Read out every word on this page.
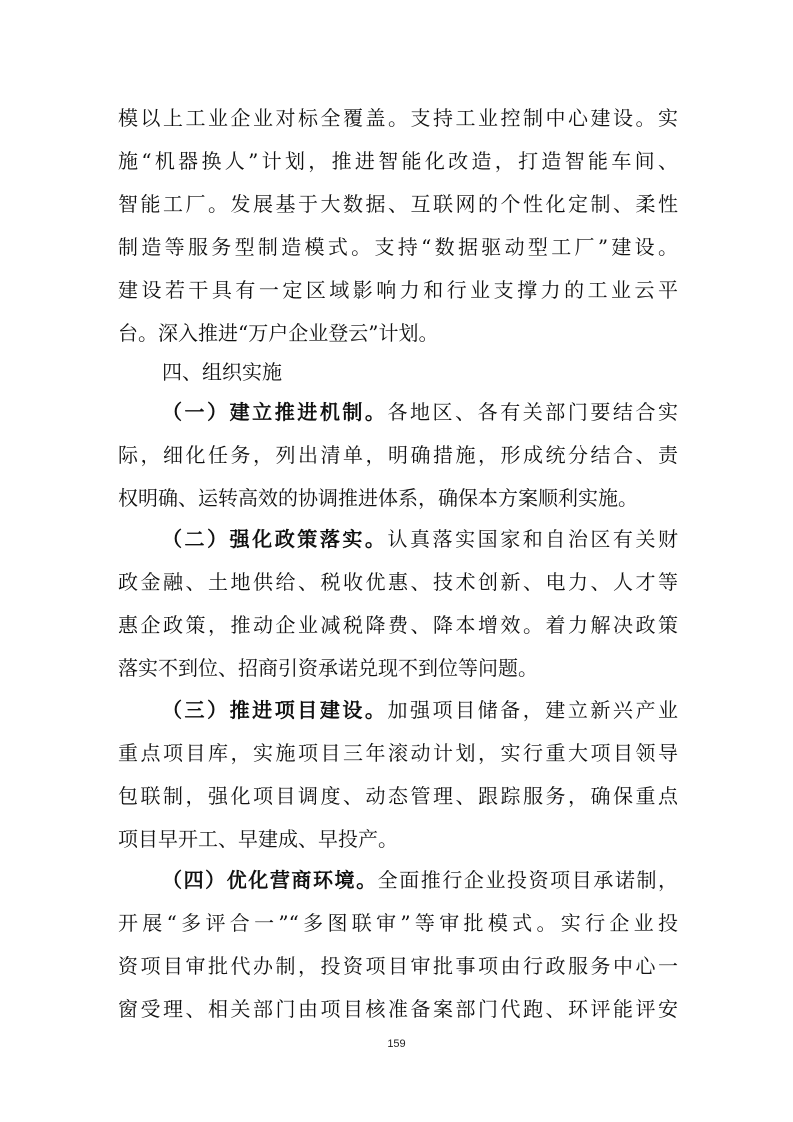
模以上工业企业对标全覆盖。支持工业控制中心建设。实
施“机器换人”计划，推进智能化改造，打造智能车间、
智能工厂。发展基于大数据、互联网的个性化定制、柔性
制造等服务型制造模式。支持“数据驱动型工厂”建设。
建设若干具有一定区域影响力和行业支撑力的工业云平
台。深入推进“万户企业登云”计划。
四、组织实施
（一）建立推进机制。各地区、各有关部门要结合实
际，细化任务，列出清单，明确措施，形成统分结合、责
权明确、运转高效的协调推进体系，确保本方案顺利实施。
（二）强化政策落实。认真落实国家和自治区有关财
政金融、土地供给、税收优惠、技术创新、电力、人才等
惠企政策，推动企业减税降费、降本增效。着力解决政策
落实不到位、招商引资承诺兑现不到位等问题。
（三）推进项目建设。加强项目储备，建立新兴产业
重点项目库，实施项目三年滚动计划，实行重大项目领导
包联制，强化项目调度、动态管理、跟踪服务，确保重点
项目早开工、早建成、早投产。
（四）优化营商环境。全面推行企业投资项目承诺制，
开展“多评合一”“多图联审”等审批模式。实行企业投
资项目审批代办制，投资项目审批事项由行政服务中心一
窗受理、相关部门由项目核准备案部门代跑、环评能评安
159
